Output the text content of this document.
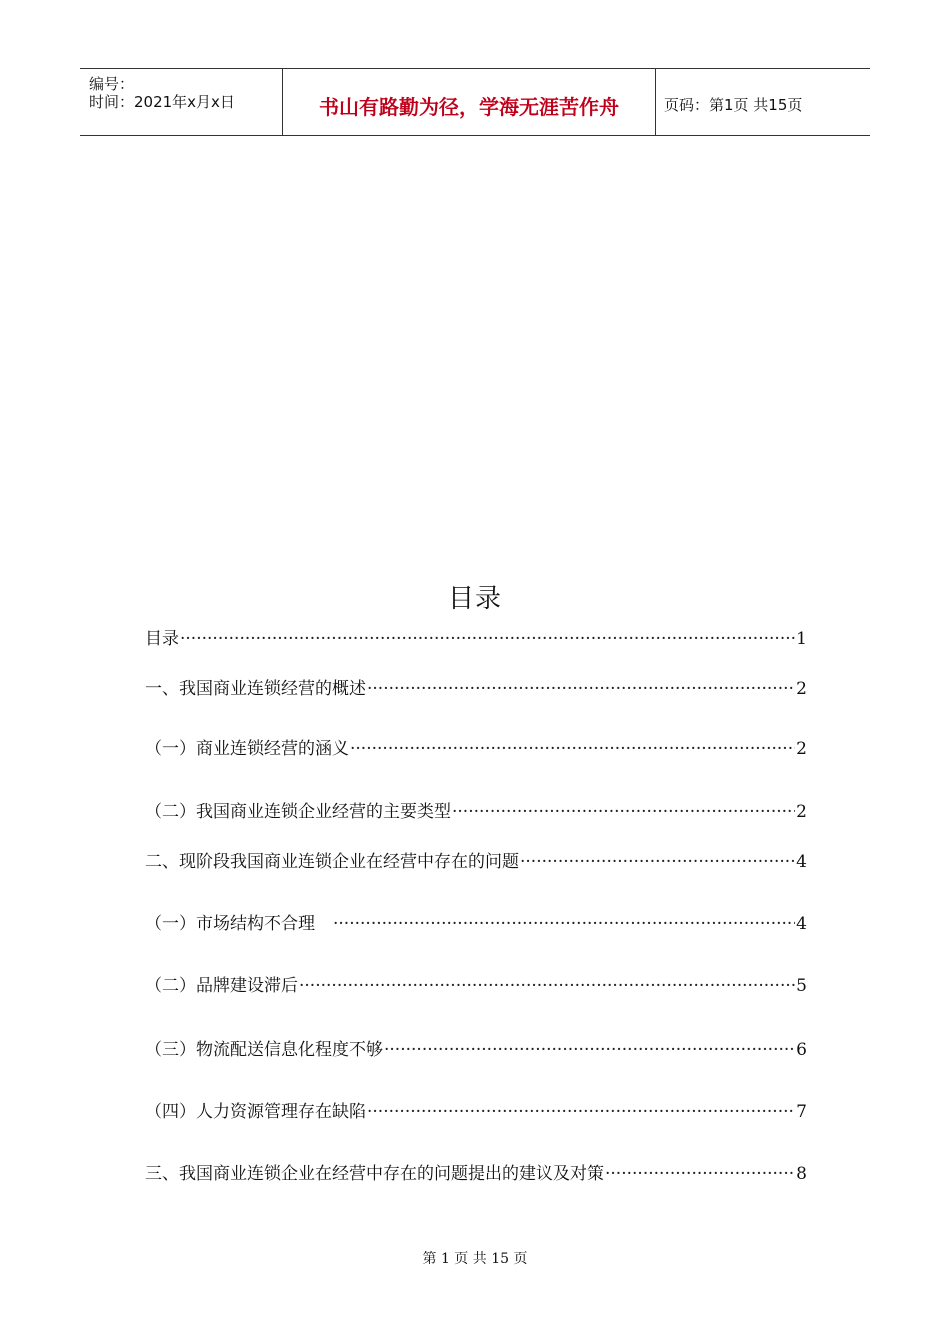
编号：
时间：2021年x月x日	书山有路勤为径，学海无涯苦作舟	页码：第1页 共15页
目录
目录 ·····	1
一、我国商业连锁经营的概述 ·····	2
（一）商业连锁经营的涵义 ·····	2
（二）我国商业连锁企业经营的主要类型 ·····	2
二、现阶段我国商业连锁企业在经营中存在的问题 ·····	4
（一）市场结构不合理　 ·····	4
（二）品牌建设滞后 ·····	5
（三）物流配送信息化程度不够 ·····	6
（四）人力资源管理存在缺陷 ·····	7
三、我国商业连锁企业在经营中存在的问题提出的建议及对策 ·····	8
第 1 页 共 15 页
